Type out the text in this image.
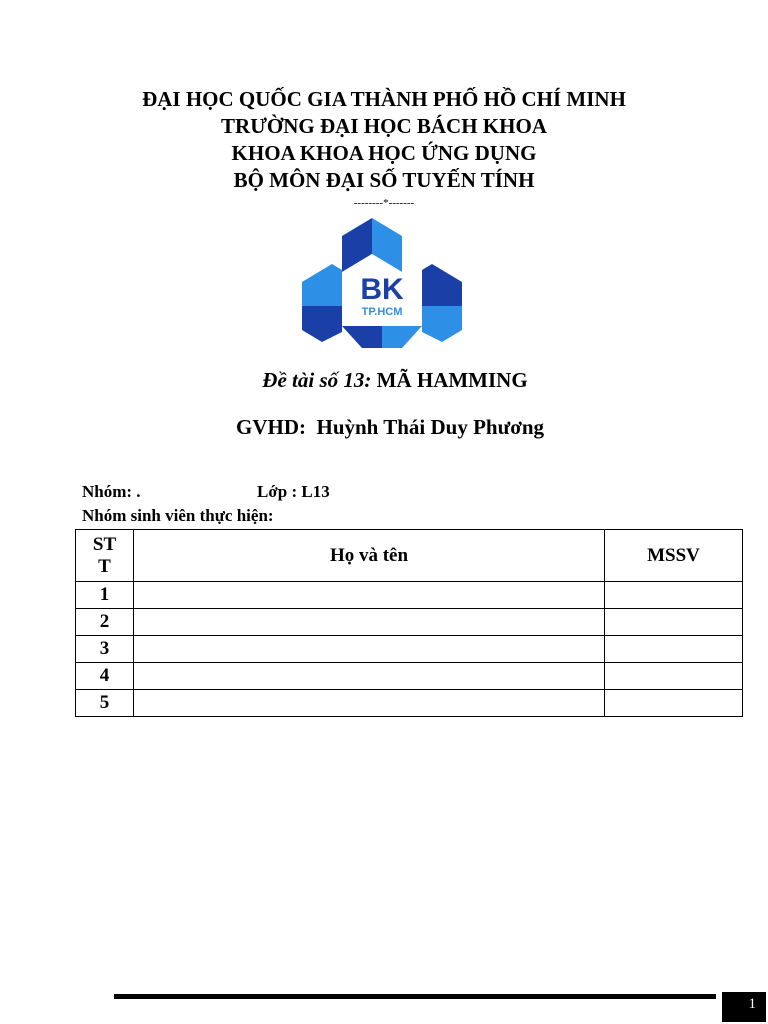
ĐẠI HỌC QUỐC GIA THÀNH PHỐ HỒ CHÍ MINH

TRƯỜNG ĐẠI HỌC BÁCH KHOA

KHOA KHOA HỌC ỨNG DỤNG

BỘ MÔN ĐẠI SỐ TUYẾN TÍNH

--------*-------
BK
TP.HCM
Đề tài số 13: MÃ HAMMING
GVHD: Huỳnh Thái Duy Phương
Nhóm: .	Lớp : L13
Nhóm sinh viên thực hiện:
ST
T	Họ và tên	MSSV
1		
2		
3		
4		
5		
1
